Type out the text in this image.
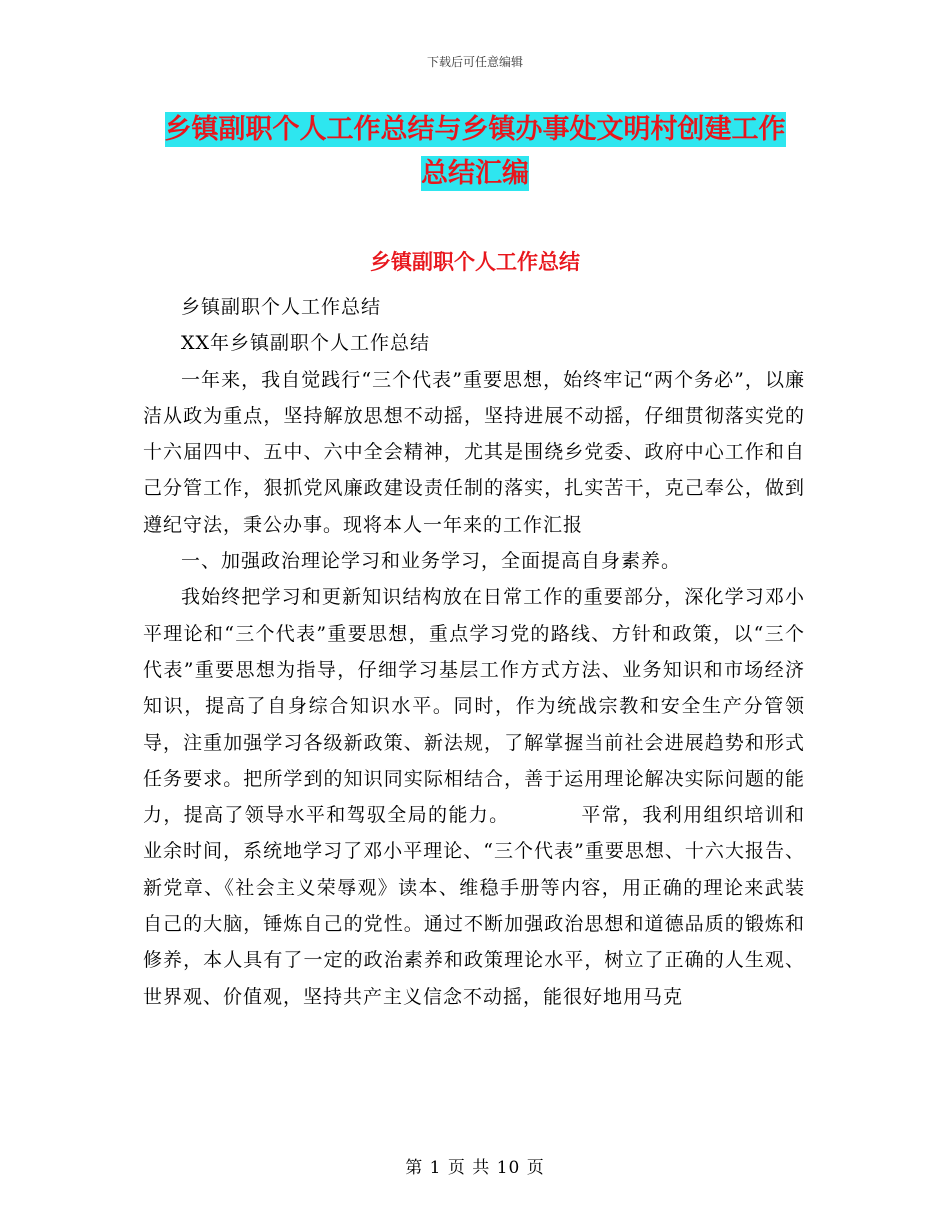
下载后可任意编辑
乡镇副职个人工作总结与乡镇办事处文明村创建工作
总结汇编
乡镇副职个人工作总结

乡镇副职个人工作总结

XX年乡镇副职个人工作总结

一年来，我自觉践行“三个代表”重要思想，始终牢记“两个务必”，以廉洁从政为重点，坚持解放思想不动摇，坚持进展不动摇，仔细贯彻落实党的十六届四中、五中、六中全会精神，尤其是围绕乡党委、政府中心工作和自己分管工作，狠抓党风廉政建设责任制的落实，扎实苦干，克己奉公，做到遵纪守法，秉公办事。现将本人一年来的工作汇报

一、加强政治理论学习和业务学习，全面提高自身素养。

我始终把学习和更新知识结构放在日常工作的重要部分，深化学习邓小平理论和“三个代表”重要思想，重点学习党的路线、方针和政策，以“三个代表”重要思想为指导，仔细学习基层工作方式方法、业务知识和市场经济知识，提高了自身综合知识水平。同时，作为统战宗教和安全生产分管领导，注重加强学习各级新政策、新法规，了解掌握当前社会进展趋势和形式任务要求。把所学到的知识同实际相结合，善于运用理论解决实际问题的能力，提高了领导水平和驾驭全局的能力。　　　　平常，我利用组织培训和业余时间，系统地学习了邓小平理论、“三个代表”重要思想、十六大报告、新党章、《社会主义荣辱观》读本、维稳手册等内容，用正确的理论来武装自己的大脑，锤炼自己的党性。通过不断加强政治思想和道德品质的锻炼和修养，本人具有了一定的政治素养和政策理论水平，树立了正确的人生观、世界观、价值观，坚持共产主义信念不动摇，能很好地用马克

第 1 页 共 10 页
